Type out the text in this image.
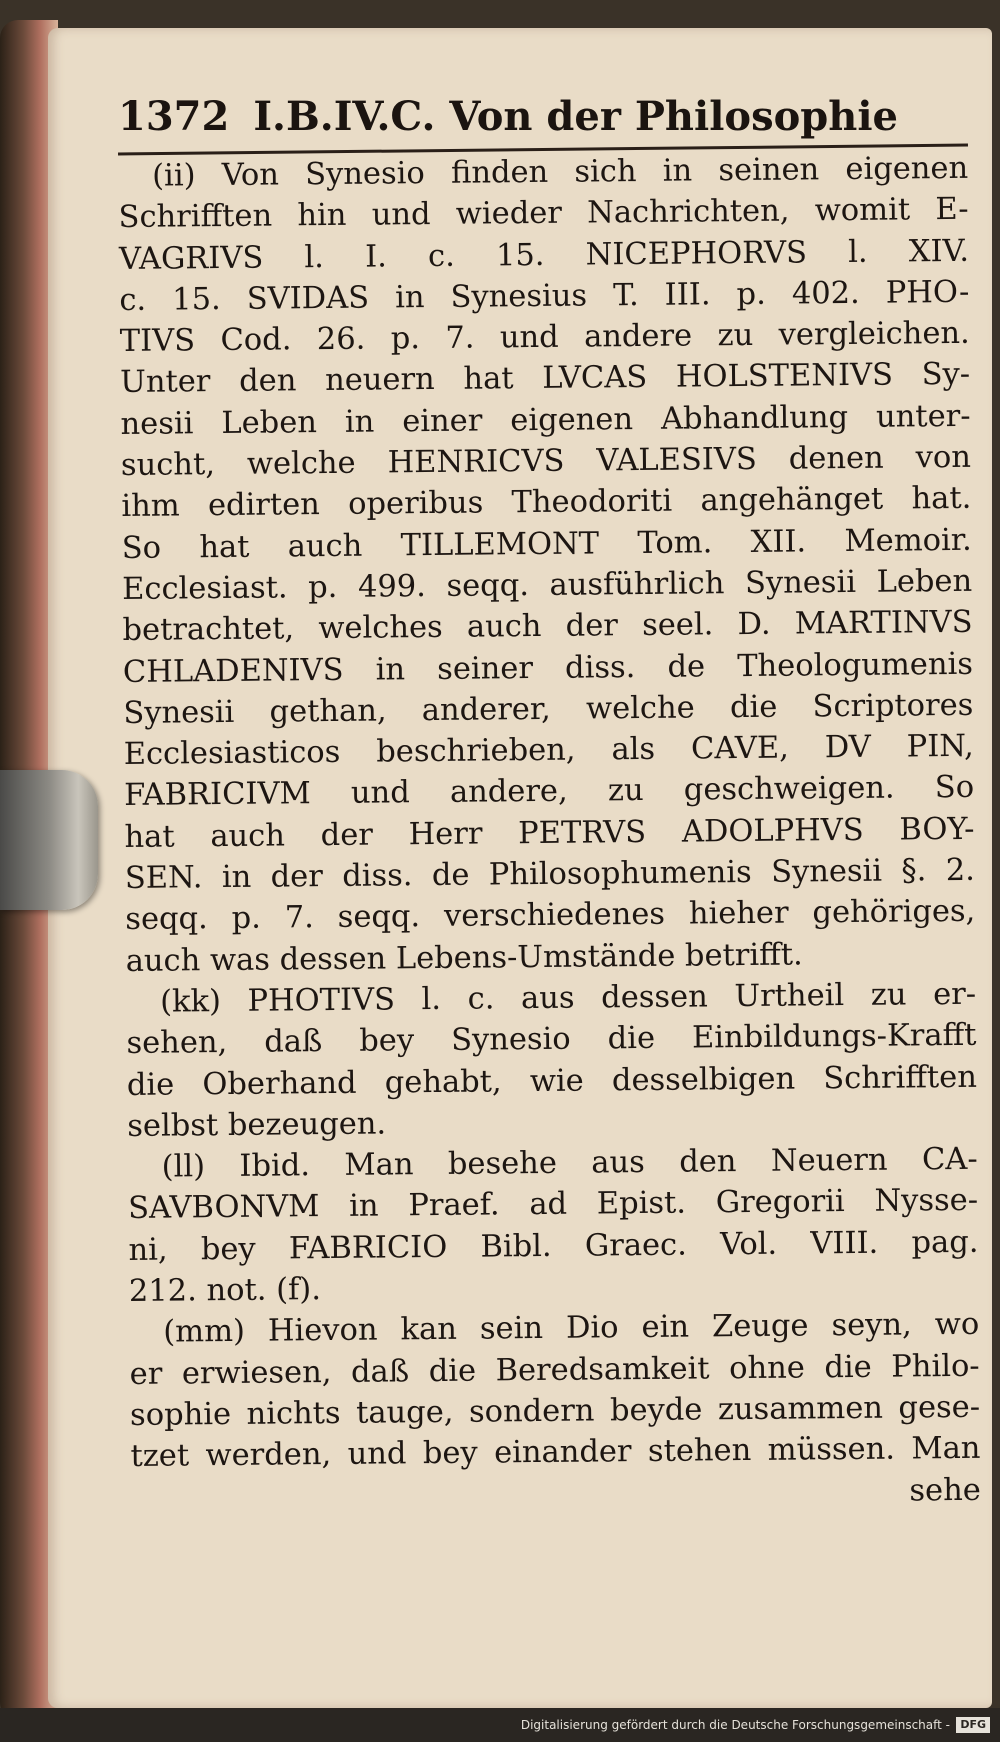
1372 I.B.IV.C. Von der Philosophie
(ii) Von Synesio finden sich in seinen eigenen
Schrifften hin und wieder Nachrichten, womit E-
VAGRIVS l. I. c. 15. NICEPHORVS l. XIV.
c. 15. SVIDAS in Synesius T. III. p. 402. PHO-
TIVS Cod. 26. p. 7. und andere zu vergleichen.
Unter den neuern hat LVCAS HOLSTENIVS Sy-
nesii Leben in einer eigenen Abhandlung unter-
sucht, welche HENRICVS VALESIVS denen von
ihm edirten operibus Theodoriti angehänget hat.
So hat auch TILLEMONT Tom. XII. Memoir.
Ecclesiast. p. 499. seqq. ausführlich Synesii Leben
betrachtet, welches auch der seel. D. MARTINVS
CHLADENIVS in seiner diss. de Theologumenis
Synesii gethan, anderer, welche die Scriptores
Ecclesiasticos beschrieben, als CAVE, DV PIN,
FABRICIVM und andere, zu geschweigen. So
hat auch der Herr PETRVS ADOLPHVS BOY-
SEN. in der diss. de Philosophumenis Synesii §. 2.
seqq. p. 7. seqq. verschiedenes hieher gehöriges,
auch was dessen Lebens-Umstände betrifft.
(kk) PHOTIVS l. c. aus dessen Urtheil zu er-
sehen, daß bey Synesio die Einbildungs-Krafft
die Oberhand gehabt, wie desselbigen Schrifften
selbst bezeugen.
(ll) Ibid. Man besehe aus den Neuern CA-
SAVBONVM in Praef. ad Epist. Gregorii Nysse-
ni, bey FABRICIO Bibl. Graec. Vol. VIII. pag.
212. not. (f).
(mm) Hievon kan sein Dio ein Zeuge seyn, wo
er erwiesen, daß die Beredsamkeit ohne die Philo-
sophie nichts tauge, sondern beyde zusammen gese-
tzet werden, und bey einander stehen müssen. Man
sehe
Digitalisierung gefördert durch die Deutsche Forschungsgemeinschaft - DFG
